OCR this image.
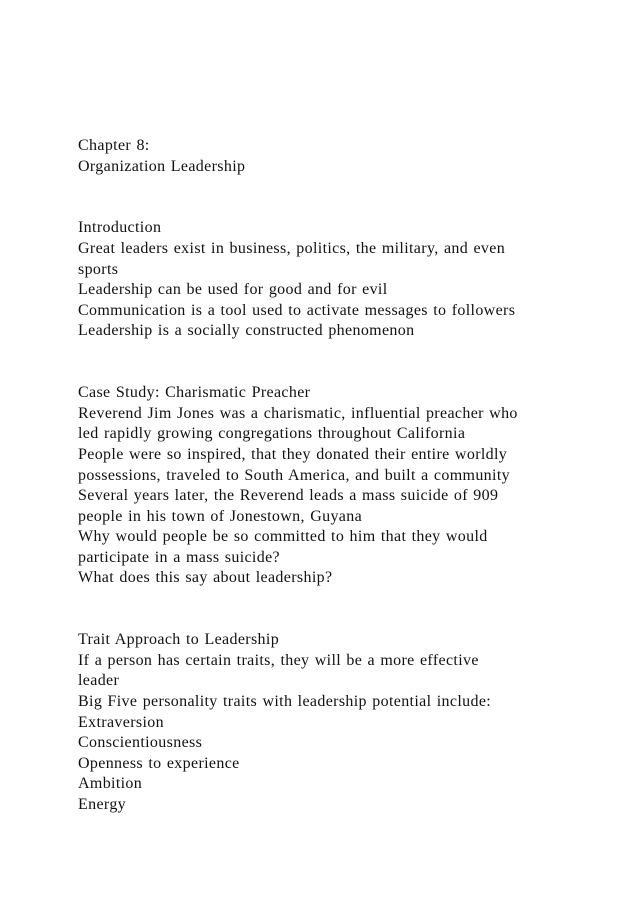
Chapter 8:
Organization Leadership
Introduction
Great leaders exist in business, politics, the military, and even
sports
Leadership can be used for good and for evil
Communication is a tool used to activate messages to followers
Leadership is a socially constructed phenomenon
Case Study: Charismatic Preacher
Reverend Jim Jones was a charismatic, influential preacher who
led rapidly growing congregations throughout California
People were so inspired, that they donated their entire worldly
possessions, traveled to South America, and built a community
Several years later, the Reverend leads a mass suicide of 909
people in his town of Jonestown, Guyana
Why would people be so committed to him that they would
participate in a mass suicide?
What does this say about leadership?
Trait Approach to Leadership
If a person has certain traits, they will be a more effective
leader
Big Five personality traits with leadership potential include:
Extraversion
Conscientiousness
Openness to experience
Ambition
Energy
